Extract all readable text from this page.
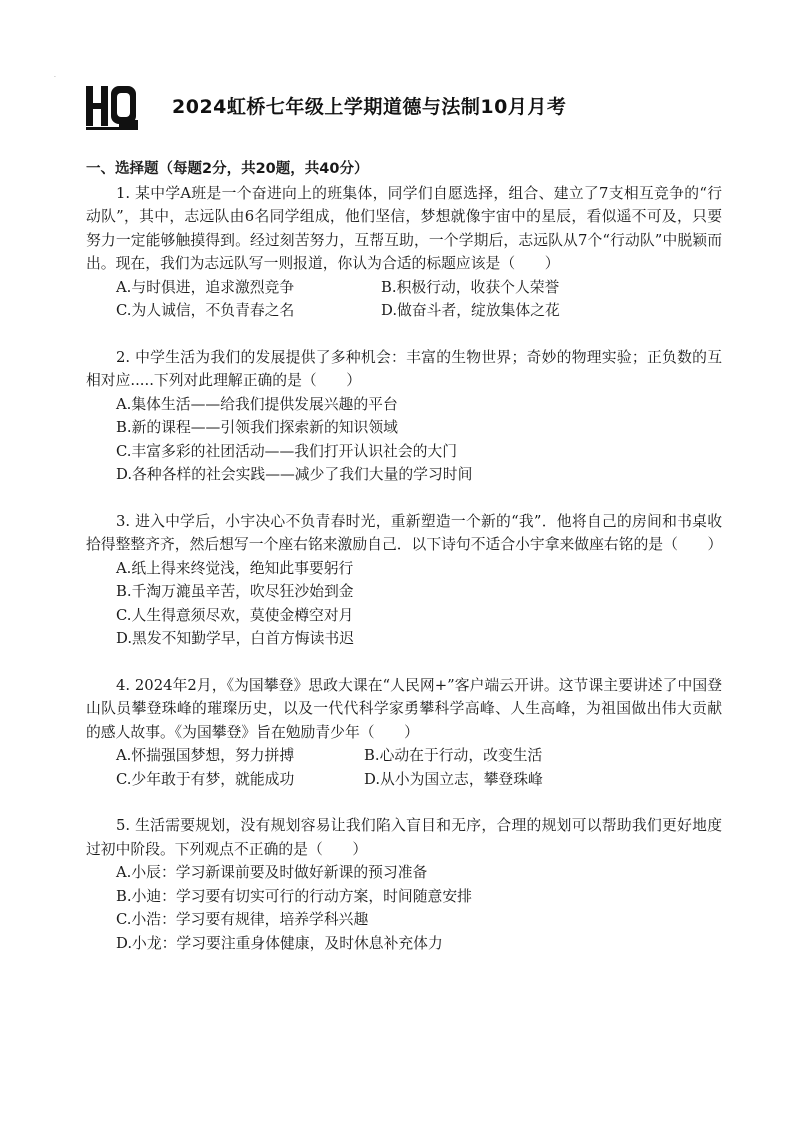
·
2024虹桥七年级上学期道德与法制10月月考

一、选择题（每题2分，共20题，共40分）

1. 某中学A班是一个奋进向上的班集体，同学们自愿选择，组合、建立了7支相互竞争的“行动队”，其中，志远队由6名同学组成，他们坚信，梦想就像宇宙中的星辰，看似遥不可及，只要努力一定能够触摸得到。经过刻苦努力，互帮互助，一个学期后，志远队从7个“行动队”中脱颖而出。现在，我们为志远队写一则报道，你认为合适的标题应该是（　　）

A.与时俱进，追求激烈竞争	B.积极行动，收获个人荣誉
C.为人诚信，不负青春之名	D.做奋斗者，绽放集体之花

2. 中学生活为我们的发展提供了多种机会：丰富的生物世界；奇妙的物理实验；正负数的互相对应.....下列对此理解正确的是（　　）

A.集体生活——给我们提供发展兴趣的平台

B.新的课程——引领我们探索新的知识领域

C.丰富多彩的社团活动——我们打开认识社会的大门

D.各种各样的社会实践——减少了我们大量的学习时间

3. 进入中学后，小宇决心不负青春时光，重新塑造一个新的“我”．他将自己的房间和书桌收拾得整整齐齐，然后想写一个座右铭来激励自己．以下诗句不适合小宇拿来做座右铭的是（　　）

A.纸上得来终觉浅，绝知此事要躬行

B.千淘万漉虽辛苦，吹尽狂沙始到金

C.人生得意须尽欢，莫使金樽空对月

D.黑发不知勤学早，白首方悔读书迟

4. 2024年2月，《为国攀登》思政大课在“人民网+”客户端云开讲。这节课主要讲述了中国登山队员攀登珠峰的璀璨历史，以及一代代科学家勇攀科学高峰、人生高峰，为祖国做出伟大贡献的感人故事。《为国攀登》旨在勉励青少年（　　）

A.怀揣强国梦想，努力拼搏	B.心动在于行动，改变生活
C.少年敢于有梦，就能成功	D.从小为国立志，攀登珠峰

5. 生活需要规划，没有规划容易让我们陷入盲目和无序，合理的规划可以帮助我们更好地度过初中阶段。下列观点不正确的是（　　）

A.小辰：学习新课前要及时做好新课的预习准备

B.小迪：学习要有切实可行的行动方案，时间随意安排

C.小浩：学习要有规律，培养学科兴趣

D.小龙：学习要注重身体健康，及时休息补充体力
